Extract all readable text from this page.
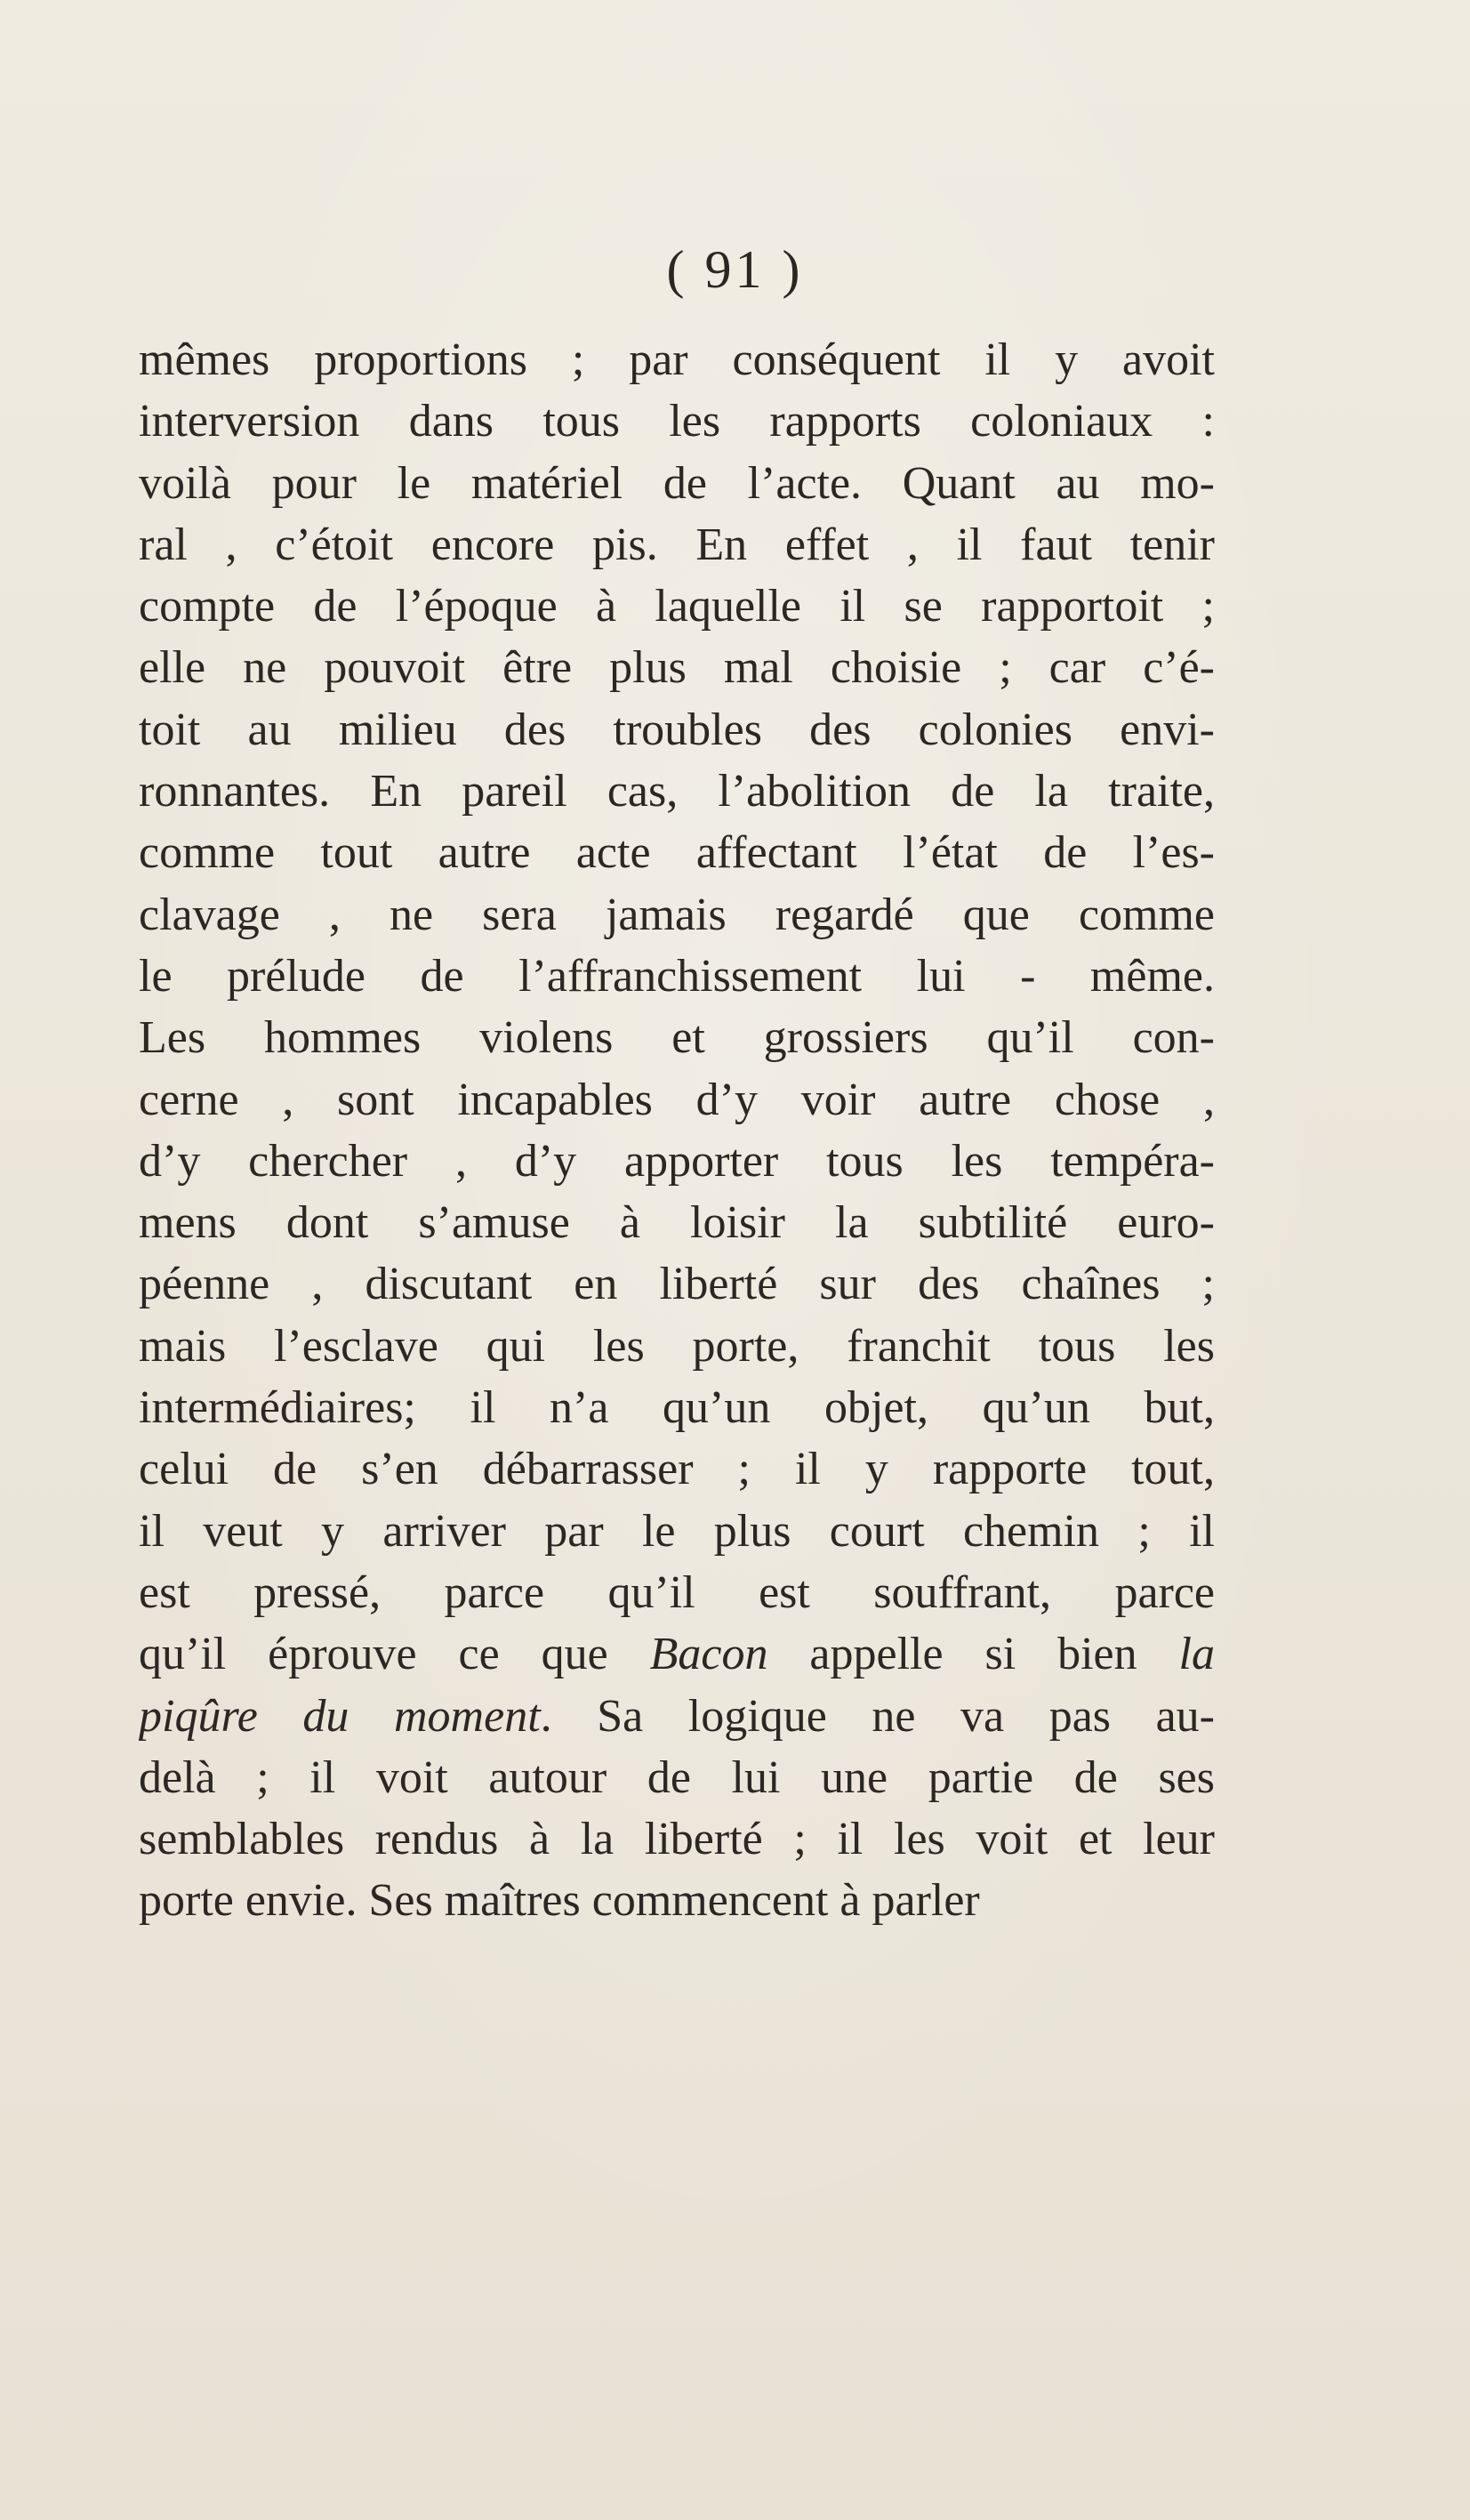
( 91 )
mêmes proportions ; par conséquent il y avoit
interversion dans tous les rapports coloniaux :
voilà pour le matériel de l’acte. Quant au mo-
ral , c’étoit encore pis. En effet , il faut tenir
compte de l’époque à laquelle il se rapportoit ;
elle ne pouvoit être plus mal choisie ; car c’é-
toit au milieu des troubles des colonies envi-
ronnantes. En pareil cas, l’abolition de la traite,
comme tout autre acte affectant l’état de l’es-
clavage , ne sera jamais regardé que comme
le prélude de l’affranchissement lui - même.
Les hommes violens et grossiers qu’il con-
cerne , sont incapables d’y voir autre chose ,
d’y chercher , d’y apporter tous les tempéra-
mens dont s’amuse à loisir la subtilité euro-
péenne , discutant en liberté sur des chaînes ;
mais l’esclave qui les porte, franchit tous les
intermédiaires; il n’a qu’un objet, qu’un but,
celui de s’en débarrasser ; il y rapporte tout,
il veut y arriver par le plus court chemin ; il
est pressé, parce qu’il est souffrant, parce
qu’il éprouve ce que Bacon appelle si bien la
piqûre du moment. Sa logique ne va pas au-
delà ; il voit autour de lui une partie de ses
semblables rendus à la liberté ; il les voit et leur
porte envie. Ses maîtres commencent à parler
